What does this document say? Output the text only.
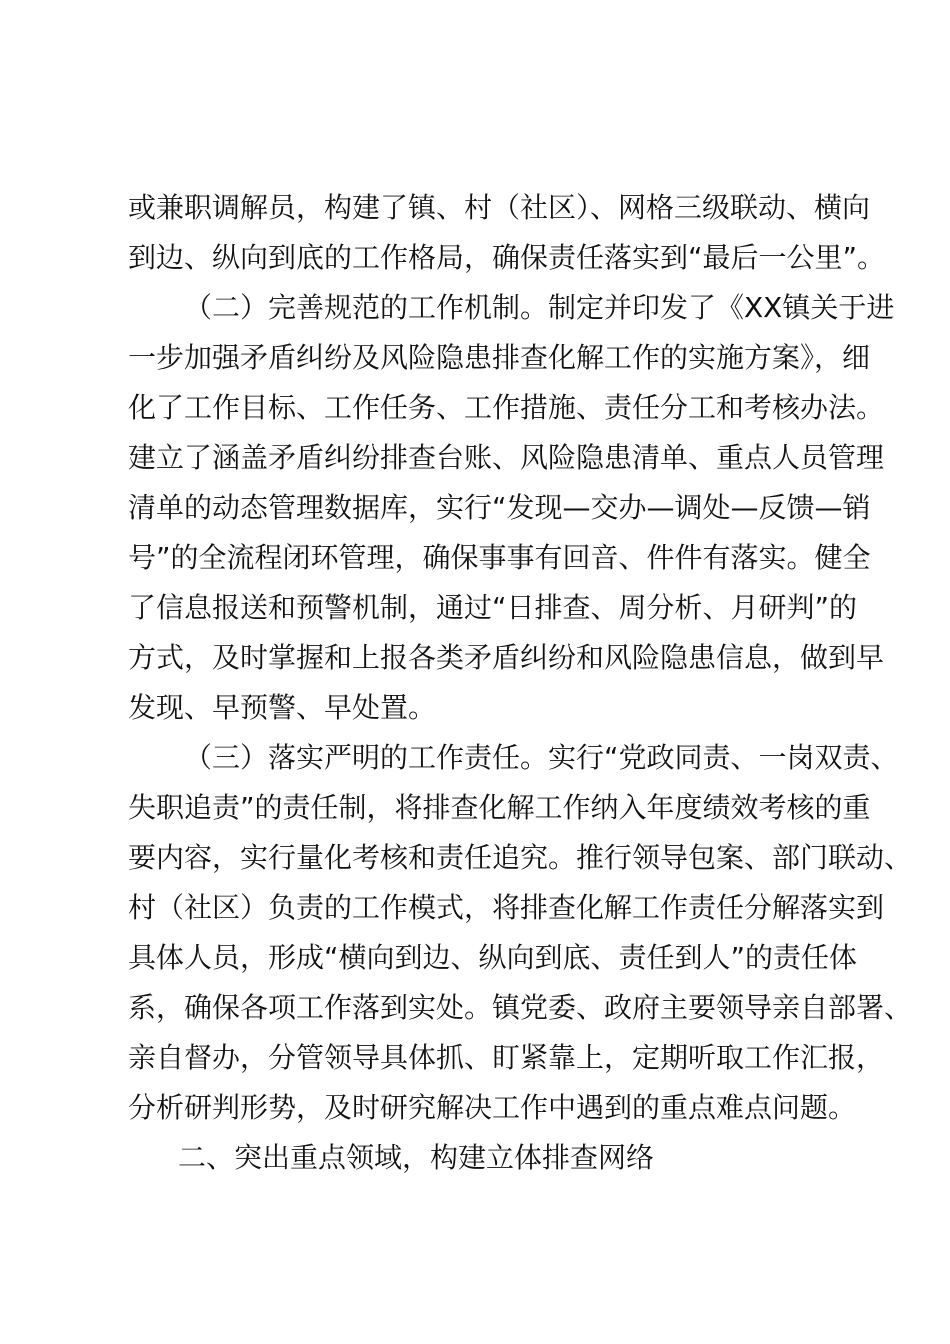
或兼职调解员，构建了镇、村（社区）、网格三级联动、横向
到边、纵向到底的工作格局，确保责任落实到“最后一公里”。
（二）完善规范的工作机制。制定并印发了《XX镇关于进
一步加强矛盾纠纷及风险隐患排查化解工作的实施方案》，细
化了工作目标、工作任务、工作措施、责任分工和考核办法。
建立了涵盖矛盾纠纷排查台账、风险隐患清单、重点人员管理
清单的动态管理数据库，实行“发现—交办—调处—反馈—销
号”的全流程闭环管理，确保事事有回音、件件有落实。健全
了信息报送和预警机制，通过“日排查、周分析、月研判”的
方式，及时掌握和上报各类矛盾纠纷和风险隐患信息，做到早
发现、早预警、早处置。
（三）落实严明的工作责任。实行“党政同责、一岗双责、
失职追责”的责任制，将排查化解工作纳入年度绩效考核的重
要内容，实行量化考核和责任追究。推行领导包案、部门联动、
村（社区）负责的工作模式，将排查化解工作责任分解落实到
具体人员，形成“横向到边、纵向到底、责任到人”的责任体
系，确保各项工作落到实处。镇党委、政府主要领导亲自部署、
亲自督办，分管领导具体抓、盯紧靠上，定期听取工作汇报，
分析研判形势，及时研究解决工作中遇到的重点难点问题。
二、突出重点领域，构建立体排查网络
